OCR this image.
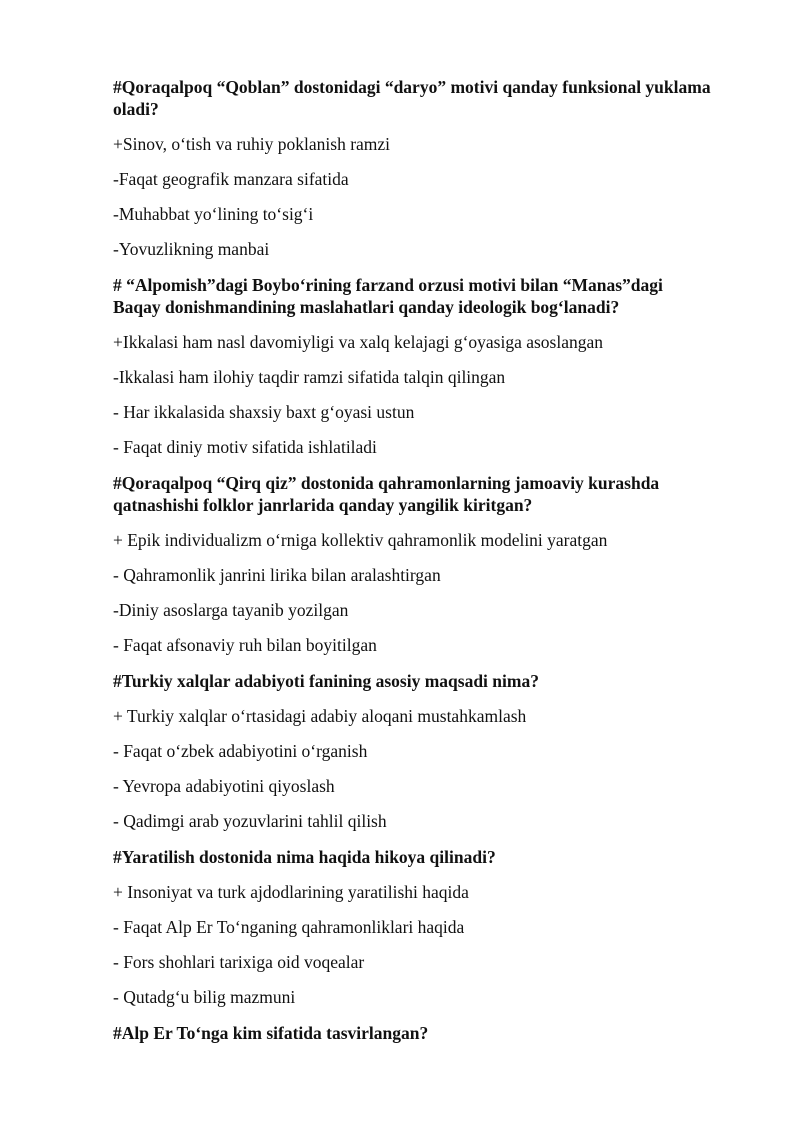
#Qoraqalpoq “Qoblan” dostonidagi “daryo” motivi qanday funksional yuklama oladi?
+Sinov, o‘tish va ruhiy poklanish ramzi
-Faqat geografik manzara sifatida
-Muhabbat yo‘lining to‘sig‘i
-Yovuzlikning manbai
# “Alpomish”dagi Boybo‘rining farzand orzusi motivi bilan “Manas”dagi Baqay donishmandining maslahatlari qanday ideologik bog‘lanadi?
+Ikkalasi ham nasl davomiyligi va xalq kelajagi g‘oyasiga asoslangan
-Ikkalasi ham ilohiy taqdir ramzi sifatida talqin qilingan
- Har ikkalasida shaxsiy baxt g‘oyasi ustun
- Faqat diniy motiv sifatida ishlatiladi
#Qoraqalpoq “Qirq qiz” dostonida qahramonlarning jamoaviy kurashda qatnashishi folklor janrlarida qanday yangilik kiritgan?
+ Epik individualizm o‘rniga kollektiv qahramonlik modelini yaratgan
- Qahramonlik janrini lirika bilan aralashtirgan
-Diniy asoslarga tayanib yozilgan
- Faqat afsonaviy ruh bilan boyitilgan
#Turkiy xalqlar adabiyoti fanining asosiy maqsadi nima?
+ Turkiy xalqlar o‘rtasidagi adabiy aloqani mustahkamlash
- Faqat o‘zbek adabiyotini o‘rganish
- Yevropa adabiyotini qiyoslash
- Qadimgi arab yozuvlarini tahlil qilish
#Yaratilish dostonida nima haqida hikoya qilinadi?
+ Insoniyat va turk ajdodlarining yaratilishi haqida
- Faqat Alp Er To‘nganing qahramonliklari haqida
- Fors shohlari tarixiga oid voqealar
- Qutadg‘u bilig mazmuni
#Alp Er To‘nga kim sifatida tasvirlangan?
